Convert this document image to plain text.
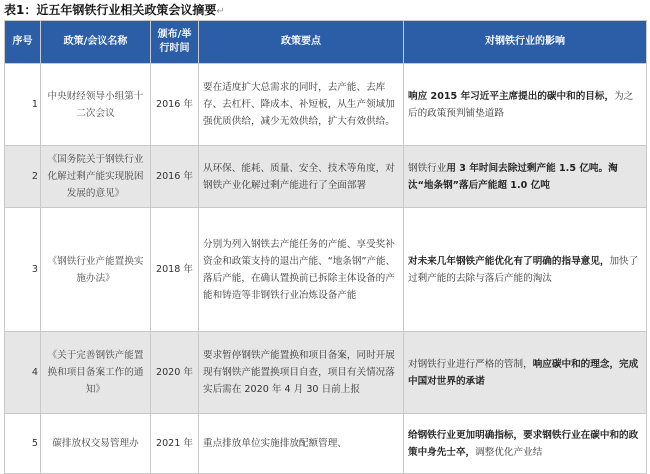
表1：近五年钢铁行业相关政策会议摘要↵
序号	政策/会议名称	颁布/举行时间	政策要点	对钢铁行业的影响
1	中央财经领导小组第十二次会议	2016 年	要在适度扩大总需求的同时，去产能、去库存、去杠杆、降成本、补短板，从生产领域加强优质供给，减少无效供给，扩大有效供给。	响应 2015 年习近平主席提出的碳中和的目标，为之后的政策预判铺垫道路
2	《国务院关于钢铁行业化解过剩产能实现脱困发展的意见》	2016 年	从环保、能耗、质量、安全、技术等角度，对钢铁产业化解过剩产能进行了全面部署	钢铁行业用 3 年时间去除过剩产能 1.5 亿吨。淘汰“地条钢”落后产能超 1.0 亿吨
3	《钢铁行业产能置换实施办法》	2018 年	分别为列入钢铁去产能任务的产能、享受奖补资金和政策支持的退出产能、“地条钢”产能、落后产能，在确认置换前已拆除主体设备的产能和铸造等非钢铁行业冶炼设备产能	对未来几年钢铁产能优化有了明确的指导意见，加快了过剩产能的去除与落后产能的淘汰
4	《关于完善钢铁产能置换和项目备案工作的通知》	2020 年	要求暂停钢铁产能置换和项目备案，同时开展现有钢铁产能置换项目自查，项目有关情况落实后需在 2020 年 4 月 30 日前上报	对钢铁行业进行严格的管制，响应碳中和的理念，完成中国对世界的承诺
5	碳排放权交易管理办	2021 年	重点排放单位实施排放配额管理、	给钢铁行业更加明确指标，要求钢铁行业在碳中和的政策中身先士卒，调整优化产业结
